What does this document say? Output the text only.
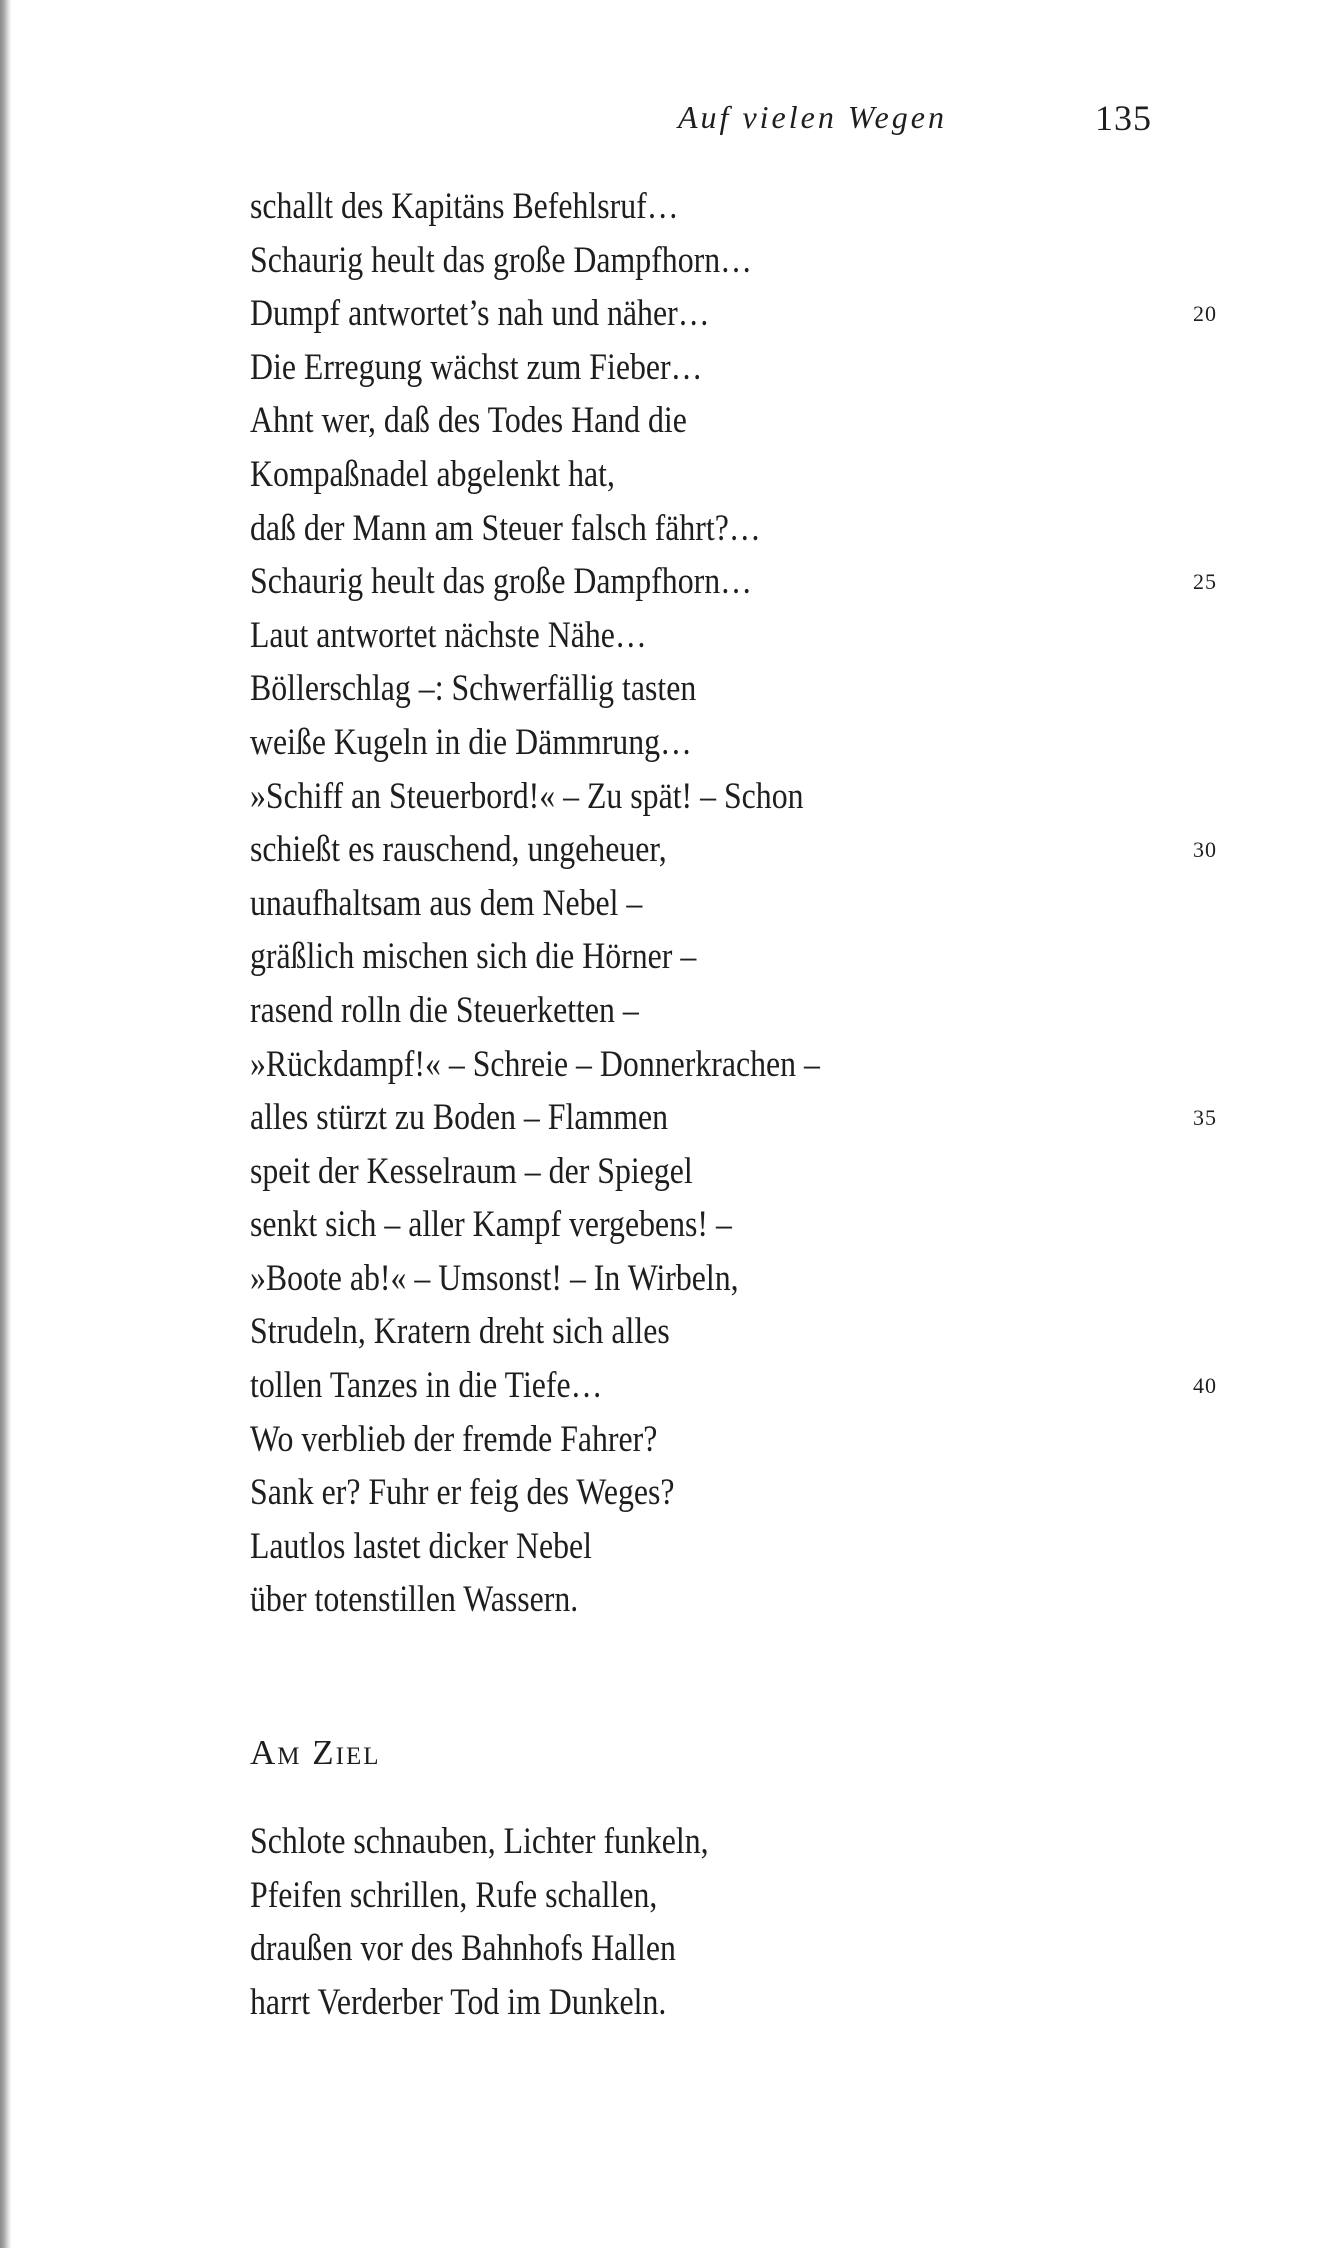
Auf vielen Wegen	135
schallt des Kapitäns Befehlsruf…
Schaurig heult das große Dampfhorn…
Dumpf antwortet’s nah und näher…
Die Erregung wächst zum Fieber…
Ahnt wer, daß des Todes Hand die
Kompaßnadel abgelenkt hat,
daß der Mann am Steuer falsch fährt?…
Schaurig heult das große Dampfhorn…
Laut antwortet nächste Nähe…
Böllerschlag –: Schwerfällig tasten
weiße Kugeln in die Dämmrung…
»Schiff an Steuerbord!« – Zu spät! – Schon
schießt es rauschend, ungeheuer,
unaufhaltsam aus dem Nebel –
gräßlich mischen sich die Hörner –
rasend rolln die Steuerketten –
»Rückdampf!« – Schreie – Donnerkrachen –
alles stürzt zu Boden – Flammen
speit der Kesselraum – der Spiegel
senkt sich – aller Kampf vergebens! –
»Boote ab!« – Umsonst! – In Wirbeln,
Strudeln, Kratern dreht sich alles
tollen Tanzes in die Tiefe…
Wo verblieb der fremde Fahrer?
Sank er? Fuhr er feig des Weges?
Lautlos lastet dicker Nebel
über totenstillen Wassern.
20
25
30
35
40
Am Ziel
Schlote schnauben, Lichter funkeln,
Pfeifen schrillen, Rufe schallen,
draußen vor des Bahnhofs Hallen
harrt Verderber Tod im Dunkeln.
